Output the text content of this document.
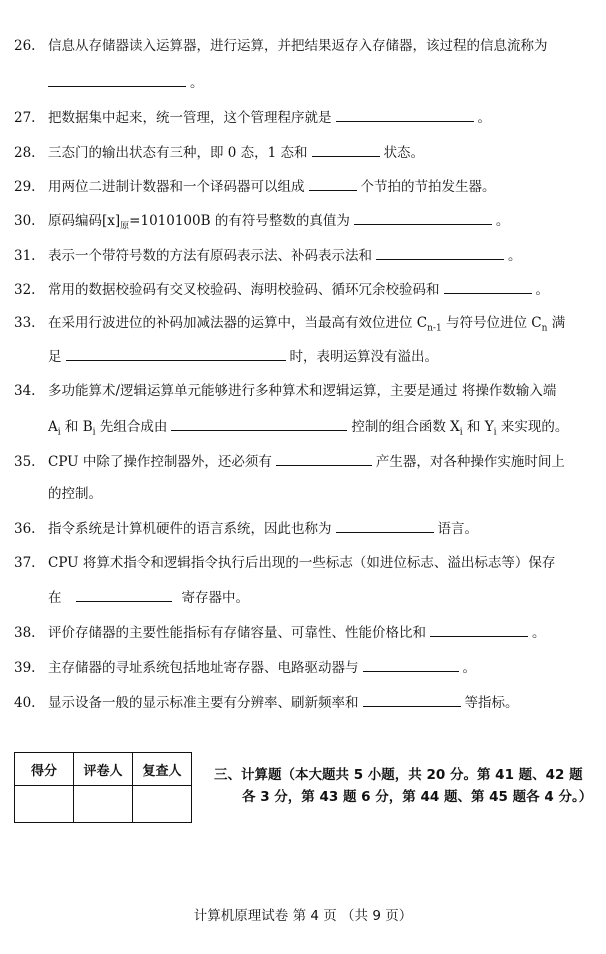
26. 信息从存储器读入运算器，进行运算，并把结果返存入存储器，该过程的信息流称为
。
27. 把数据集中起来，统一管理，这个管理程序就是	。
28. 三态门的输出状态有三种，即 0 态，1 态和	状态。
29. 用两位二进制计数器和一个译码器可以组成	个节拍的节拍发生器。
30. 原码编码$[x]_原=1010100B$ 的有符号整数的真值为	。
31. 表示一个带符号数的方法有原码表示法、补码表示法和	。
32. 常用的数据校验码有交叉校验码、海明校验码、循环冗余校验码和	。
33. 在采用行波进位的补码加减法器的运算中，当最高有效位进位 $C_{n-1}$ 与符号位进位 $C_n$ 满
足	时，表明运算没有溢出。
34. 多功能算术/逻辑运算单元能够进行多种算术和逻辑运算，主要是通过 将操作数输入端
$A_i$ 和 $B_i$ 先组合成由	控制的组合函数 $X_i$ 和 $Y_i$ 来实现的。
35. CPU 中除了操作控制器外，还必须有	产生器，对各种操作实施时间上
的控制。
36. 指令系统是计算机硬件的语言系统，因此也称为	语言。
37. CPU 将算术指令和逻辑指令执行后出现的一些标志（如进位标志、溢出标志等）保存
在	寄存器中。
38. 评价存储器的主要性能指标有存储容量、可靠性、性能价格比和	。
39. 主存储器的寻址系统包括地址寄存器、电路驱动器与	。
40. 显示设备一般的显示标准主要有分辨率、刷新频率和	等指标。
得分	评卷人	复查人
		三、计算题（本大题共 5 小题，共 20 分。第 41 题、42 题
各 3 分，第 43 题 6 分，第 44 题、第 45 题各 4 分。）
计算机原理试卷 第 4 页 （共 9 页）
